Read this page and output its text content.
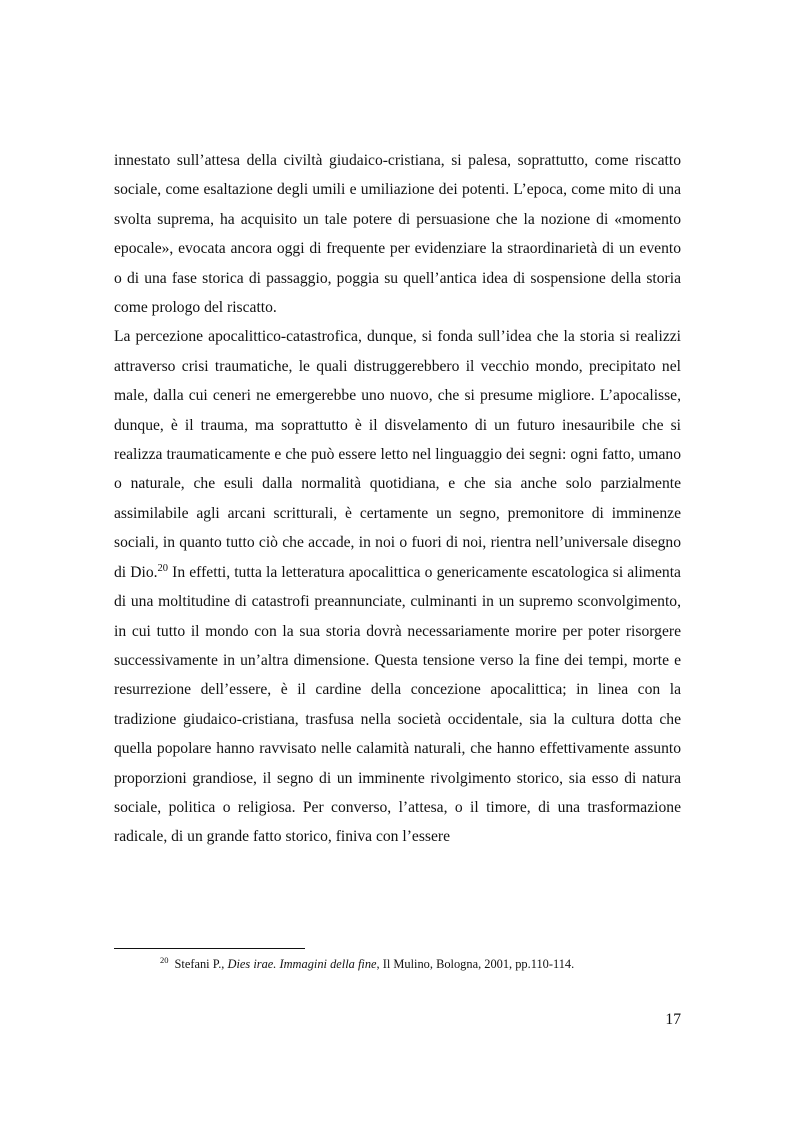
innestato sull’attesa della civiltà giudaico-cristiana, si palesa, soprattutto, come riscatto sociale, come esaltazione degli umili e umiliazione dei potenti. L’epoca, come mito di una svolta suprema, ha acquisito un tale potere di persuasione che la nozione di «momento epocale», evocata ancora oggi di frequente per evidenziare la straordinarietà di un evento o di una fase storica di passaggio, poggia su quell’antica idea di sospensione della storia come prologo del riscatto.

La percezione apocalittico-catastrofica, dunque, si fonda sull’idea che la storia si realizzi attraverso crisi traumatiche, le quali distruggerebbero il vecchio mondo, precipitato nel male, dalla cui ceneri ne emergerebbe uno nuovo, che si presume migliore. L’apocalisse, dunque, è il trauma, ma soprattutto è il disvelamento di un futuro inesauribile che si realizza traumaticamente e che può essere letto nel linguaggio dei segni: ogni fatto, umano o naturale, che esuli dalla normalità quotidiana, e che sia anche solo parzialmente assimilabile agli arcani scritturali, è certamente un segno, premonitore di imminenze sociali, in quanto tutto ciò che accade, in noi o fuori di noi, rientra nell’universale disegno di Dio.$^{20}$ In effetti, tutta la letteratura apocalittica o genericamente escatologica si alimenta di una moltitudine di catastrofi preannunciate, culminanti in un supremo sconvolgimento, in cui tutto il mondo con la sua storia dovrà necessariamente morire per poter risorgere successivamente in un’altra dimensione. Questa tensione verso la fine dei tempi, morte e resurrezione dell’essere, è il cardine della concezione apocalittica; in linea con la tradizione giudaico-cristiana, trasfusa nella società occidentale, sia la cultura dotta che quella popolare hanno ravvisato nelle calamità naturali, che hanno effettivamente assunto proporzioni grandiose, il segno di un imminente rivolgimento storico, sia esso di natura sociale, politica o religiosa. Per converso, l’attesa, o il timore, di una trasformazione radicale, di un grande fatto storico, finiva con l’essere

$^{20}$ Stefani P., Dies irae. Immagini della fine, Il Mulino, Bologna, 2001, pp.110-114.
17
